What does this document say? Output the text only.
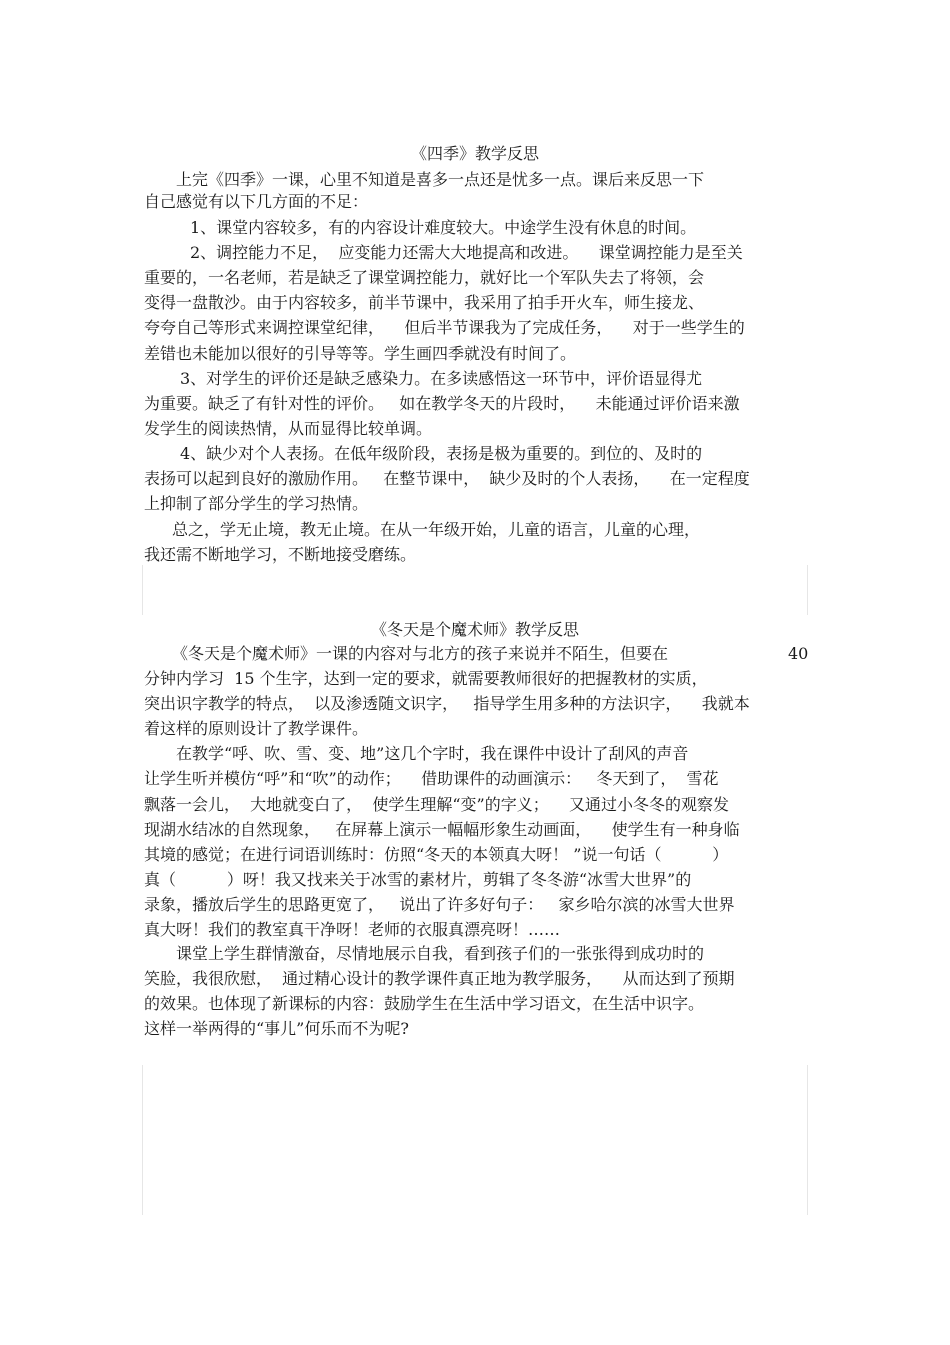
《四季》教学反思
上完《四季》一课，心里不知道是喜多一点还是忧多一点。课后来反思一下
自己感觉有以下几方面的不足：
1、课堂内容较多，有的内容设计难度较大。中途学生没有休息的时间。
2、调控能力不足，  应变能力还需大大地提高和改进。    课堂调控能力是至关
重要的，一名老师，若是缺乏了课堂调控能力，就好比一个军队失去了将领，会
变得一盘散沙。由于内容较多，前半节课中，我采用了拍手开火车，师生接龙、
夸夸自己等形式来调控课堂纪律，    但后半节课我为了完成任务，    对于一些学生的
差错也未能加以很好的引导等等。学生画四季就没有时间了。
3、对学生的评价还是缺乏感染力。在多读感悟这一环节中，评价语显得尤
为重要。缺乏了有针对性的评价。   如在教学冬天的片段时，    未能通过评价语来激
发学生的阅读热情，从而显得比较单调。
4、缺少对个人表扬。在低年级阶段，表扬是极为重要的。到位的、及时的
表扬可以起到良好的激励作用。   在整节课中，  缺少及时的个人表扬，    在一定程度
上抑制了部分学生的学习热情。
总之，学无止境，教无止境。在从一年级开始，儿童的语言，儿童的心理，
我还需不断地学习，不断地接受磨练。
《冬天是个魔术师》教学反思
《冬天是个魔术师》一课的内容对与北方的孩子来说并不陌生，但要在	40
分钟内学习  15 个生字，达到一定的要求，就需要教师很好的把握教材的实质，
突出识字教学的特点，  以及渗透随文识字，   指导学生用多种的方法识字，    我就本
着这样的原则设计了教学课件。
在教学“呼、吹、雪、变、地”这几个字时，我在课件中设计了刮风的声音
让学生听并模仿“呼”和“吹”的动作；    借助课件的动画演示：   冬天到了，  雪花
飘落一会儿，  大地就变白了，  使学生理解“变”的字义；    又通过小冬冬的观察发
现湖水结冰的自然现象，   在屏幕上演示一幅幅形象生动画面，    使学生有一种身临
其境的感觉；在进行词语训练时：仿照“冬天的本领真大呀！ ”说一句话（          ）
真（          ）呀！我又找来关于冰雪的素材片，剪辑了冬冬游“冰雪大世界”的
录象，播放后学生的思路更宽了，   说出了许多好句子：   家乡哈尔滨的冰雪大世界
真大呀！我们的教室真干净呀！老师的衣服真漂亮呀！……
课堂上学生群情激奋，尽情地展示自我，看到孩子们的一张张得到成功时的
笑脸，我很欣慰，  通过精心设计的教学课件真正地为教学服务，    从而达到了预期
的效果。也体现了新课标的内容：鼓励学生在生活中学习语文，在生活中识字。
这样一举两得的“事儿”何乐而不为呢?
